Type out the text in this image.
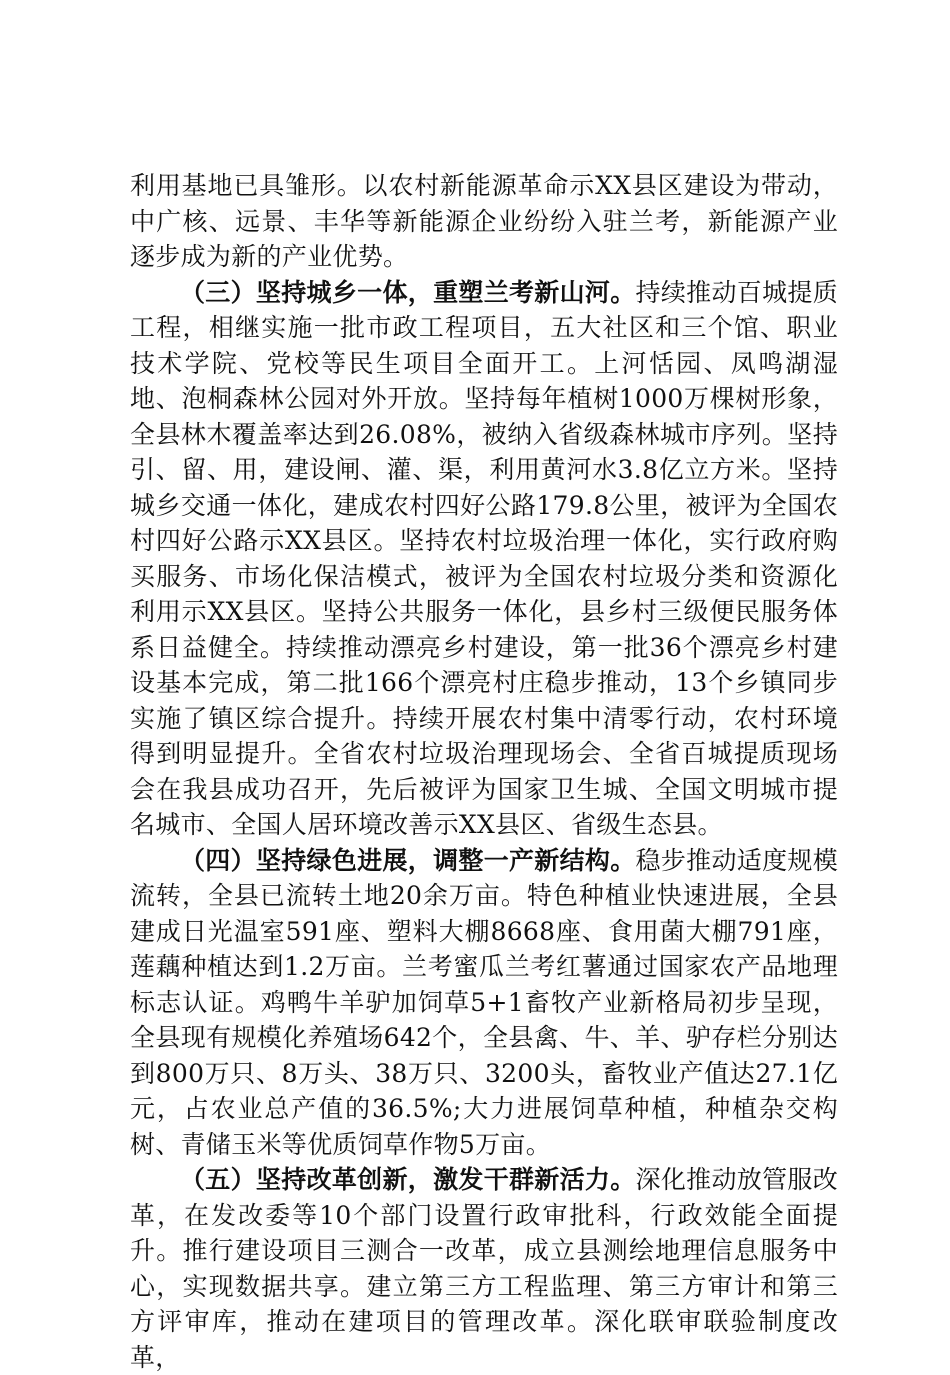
利用基地已具雏形。以农村新能源革命示XX县区建设为带动，中广核、远景、丰华等新能源企业纷纷入驻兰考，新能源产业逐步成为新的产业优势。

（三）坚持城乡一体，重塑兰考新山河。持续推动百城提质工程，相继实施一批市政工程项目，五大社区和三个馆、职业技术学院、党校等民生项目全面开工。上河恬园、凤鸣湖湿地、泡桐森林公园对外开放。坚持每年植树1000万棵树形象，全县林木覆盖率达到26.08%，被纳入省级森林城市序列。坚持引、留、用，建设闸、灌、渠，利用黄河水3.8亿立方米。坚持城乡交通一体化，建成农村四好公路179.8公里，被评为全国农村四好公路示XX县区。坚持农村垃圾治理一体化，实行政府购买服务、市场化保洁模式，被评为全国农村垃圾分类和资源化利用示XX县区。坚持公共服务一体化，县乡村三级便民服务体系日益健全。持续推动漂亮乡村建设，第一批36个漂亮乡村建设基本完成，第二批166个漂亮村庄稳步推动，13个乡镇同步实施了镇区综合提升。持续开展农村集中清零行动，农村环境得到明显提升。全省农村垃圾治理现场会、全省百城提质现场会在我县成功召开，先后被评为国家卫生城、全国文明城市提名城市、全国人居环境改善示XX县区、省级生态县。

（四）坚持绿色进展，调整一产新结构。稳步推动适度规模流转，全县已流转土地20余万亩。特色种植业快速进展，全县建成日光温室591座、塑料大棚8668座、食用菌大棚791座，莲藕种植达到1.2万亩。兰考蜜瓜兰考红薯通过国家农产品地理标志认证。鸡鸭牛羊驴加饲草5+1畜牧产业新格局初步呈现，全县现有规模化养殖场642个，全县禽、牛、羊、驴存栏分别达到800万只、8万头、38万只、3200头，畜牧业产值达27.1亿元，占农业总产值的36.5%;大力进展饲草种植，种植杂交构树、青储玉米等优质饲草作物5万亩。

（五）坚持改革创新，激发干群新活力。深化推动放管服改革，在发改委等10个部门设置行政审批科，行政效能全面提升。推行建设项目三测合一改革，成立县测绘地理信息服务中心，实现数据共享。建立第三方工程监理、第三方审计和第三方评审库，推动在建项目的管理改革。深化联审联验制度改革，
